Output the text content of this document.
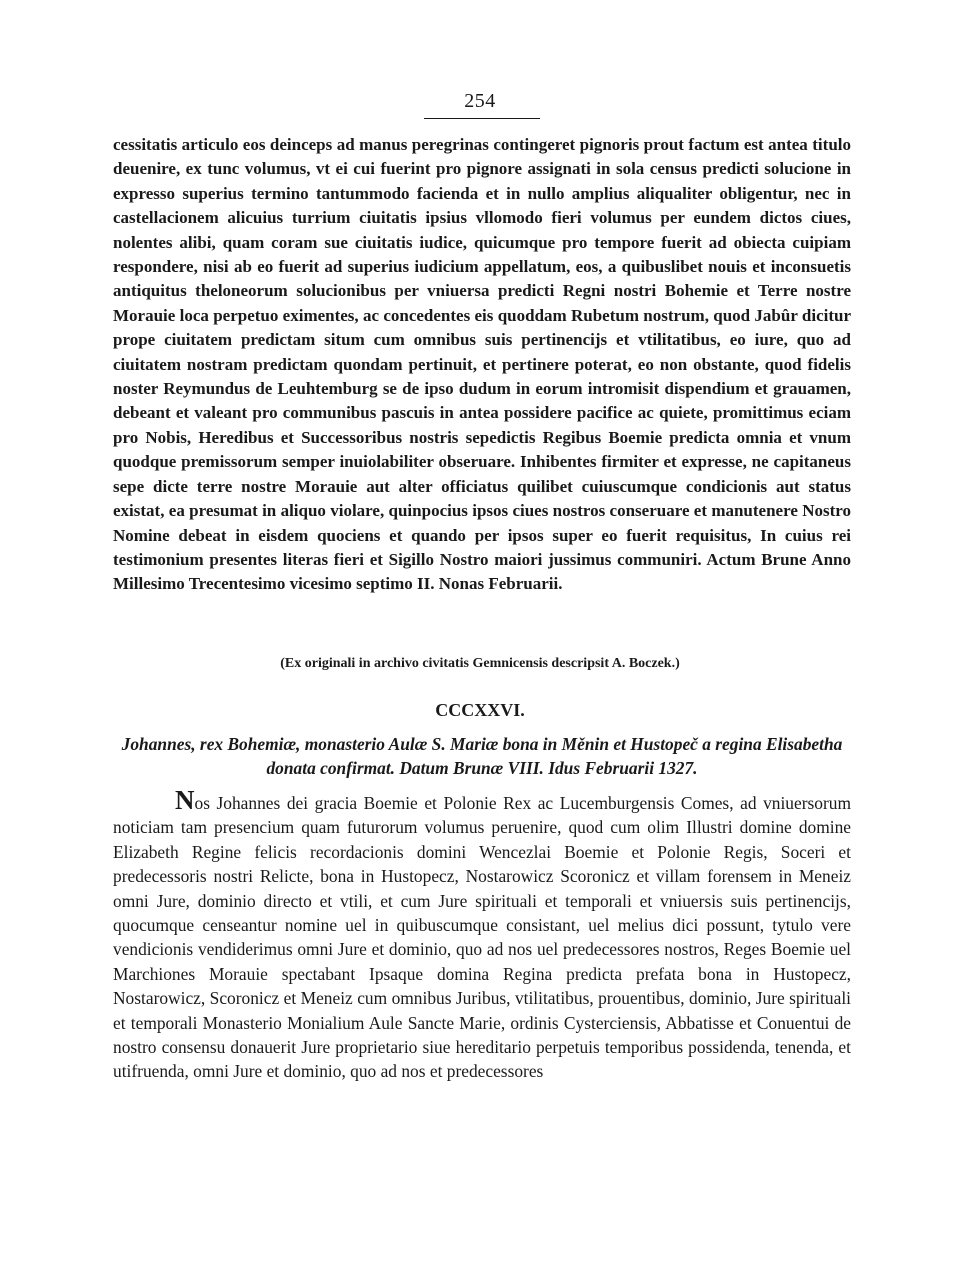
254

cessitatis articulo eos deinceps ad manus peregrinas contingeret pignoris prout factum est antea titulo deuenire, ex tunc volumus, vt ei cui fuerint pro pignore assignati in sola census predicti solucione in expresso superius termino tantummodo facienda et in nullo amplius aliqualiter obligentur, nec in castellacionem alicuius turrium ciuitatis ipsius vllomodo fieri volumus per eundem dictos ciues, nolentes alibi, quam coram sue ciuitatis iudice, quicumque pro tempore fuerit ad obiecta cuipiam respondere, nisi ab eo fuerit ad superius iudicium appellatum, eos, a quibuslibet nouis et inconsuetis antiquitus theloneorum solucionibus per vniuersa predicti Regni nostri Bohemie et Terre nostre Morauie loca perpetuo eximentes, ac concedentes eis quoddam Rubetum nostrum, quod Jabûr dicitur prope ciuitatem predictam situm cum omnibus suis pertinencijs et vtilitatibus, eo iure, quo ad ciuitatem nostram predictam quondam pertinuit, et pertinere poterat, eo non obstante, quod fidelis noster Reymundus de Leuhtemburg se de ipso dudum in eorum intromisit dispendium et grauamen, debeant et valeant pro communibus pascuis in antea possidere pacifice ac quiete, promittimus eciam pro Nobis, Heredibus et Successoribus nostris sepedictis Regibus Boemie predicta omnia et vnum quodque premissorum semper inuiolabiliter obseruare. Inhibentes firmiter et expresse, ne capitaneus sepe dicte terre nostre Morauie aut alter officiatus quilibet cuiuscumque condicionis aut status existat, ea presumat in aliquo violare, quinpocius ipsos ciues nostros conseruare et manutenere Nostro Nomine debeat in eisdem quociens et quando per ipsos super eo fuerit requisitus, In cuius rei testimonium presentes literas fieri et Sigillo Nostro maiori jussimus communiri. Actum Brune Anno Millesimo Trecentesimo vicesimo septimo II. Nonas Februarii.

(Ex originali in archivo civitatis Gemnicensis descripsit A. Boczek.)

CCCXXVI.

Johannes, rex Bohemiæ, monasterio Aulæ S. Mariæ bona in Měnin et Hustopeč a regina Elisabetha donata confirmat. Datum Brunæ VIII. Idus Februarii 1327.

Nos Johannes dei gracia Boemie et Polonie Rex ac Lucemburgensis Comes, ad vniuersorum noticiam tam presencium quam futurorum volumus peruenire, quod cum olim Illustri domine domine Elizabeth Regine felicis recordacionis domini Wencezlai Boemie et Polonie Regis, Soceri et predecessoris nostri Relicte, bona in Hustopecz, Nostarowicz Scoronicz et villam forensem in Meneiz omni Jure, dominio directo et vtili, et cum Jure spirituali et temporali et vniuersis suis pertinencijs, quocumque censeantur nomine uel in quibuscumque consistant, uel melius dici possunt, tytulo vere vendicionis vendiderimus omni Jure et dominio, quo ad nos uel predecessores nostros, Reges Boemie uel Marchiones Morauie spectabant Ipsaque domina Regina predicta prefata bona in Hustopecz, Nostarowicz, Scoronicz et Meneiz cum omnibus Juribus, vtilitatibus, prouentibus, dominio, Jure spirituali et temporali Monasterio Monialium Aule Sancte Marie, ordinis Cysterciensis, Abbatisse et Conuentui de nostro consensu donauerit Jure proprietario siue hereditario perpetuis temporibus possidenda, tenenda, et utifruenda, omni Jure et dominio, quo ad nos et predecessores
